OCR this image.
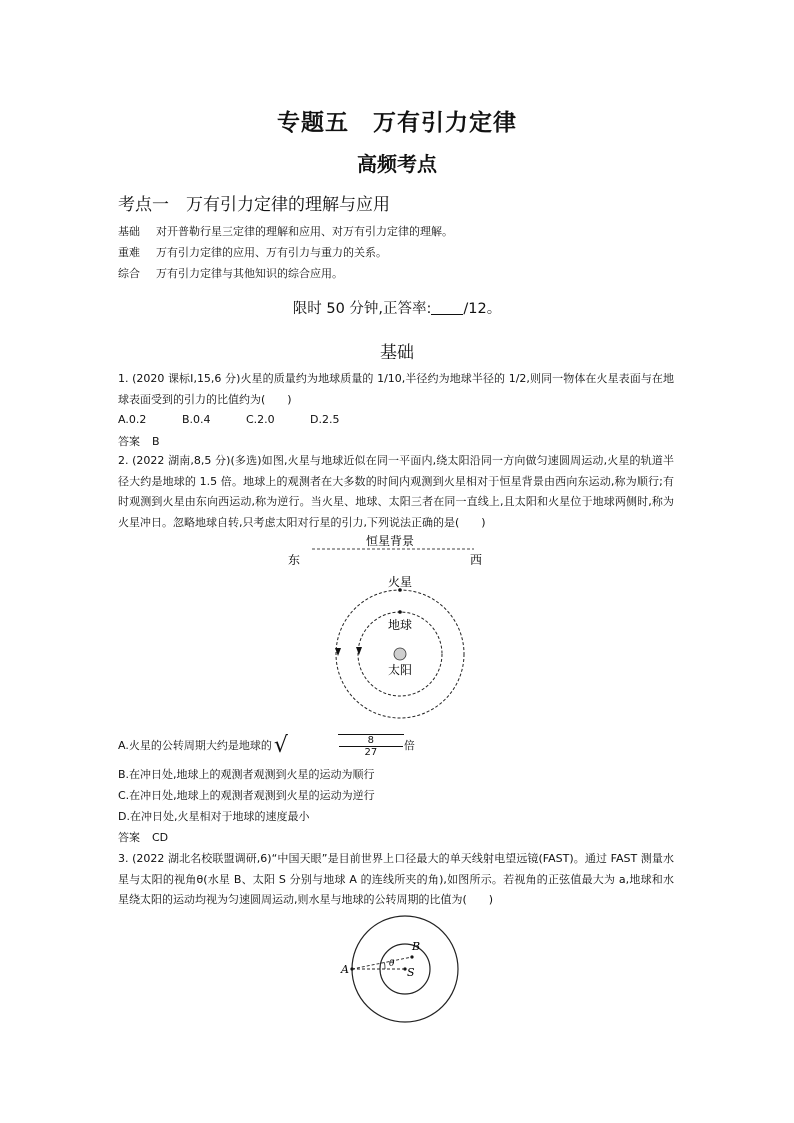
专题五　万有引力定律
高频考点
考点一　万有引力定律的理解与应用
基础 对开普勒行星三定律的理解和应用、对万有引力定律的理解。
重难 万有引力定律的应用、万有引力与重力的关系。
综合 万有引力定律与其他知识的综合应用。
限时 50 分钟,正答率: /12。
基础
1. (2020 课标Ⅰ,15,6 分)火星的质量约为地球质量的 1/10,半径约为地球半径的 1/2,则同一物体在火星表面与在地球表面受到的引力的比值约为(　　)
A.0.2	B.0.4	C.2.0	D.2.5
答案 B
2. (2022 湖南,8,5 分)(多选)如图,火星与地球近似在同一平面内,绕太阳沿同一方向做匀速圆周运动,火星的轨道半径大约是地球的 1.5 倍。地球上的观测者在大多数的时间内观测到火星相对于恒星背景由西向东运动,称为顺行;有时观测到火星由东向西运动,称为逆行。当火星、地球、太阳三者在同一直线上,且太阳和火星位于地球两侧时,称为火星冲日。忽略地球自转,只考虑太阳对行星的引力,下列说法正确的是(　　)
恒星背景
东	西
火星
地球
太阳
A.火星的公转周期大约是地球的√	$\frac{8}{27}$ 倍
B.在冲日处,地球上的观测者观测到火星的运动为顺行
C.在冲日处,地球上的观测者观测到火星的运动为逆行
D.在冲日处,火星相对于地球的速度最小
答案 CD
3. (2022 湖北名校联盟调研,6)“中国天眼”是目前世界上口径最大的单天线射电望远镜(FAST)。通过 FAST 测量水星与太阳的视角θ(水星 B、太阳 S 分别与地球 A 的连线所夹的角),如图所示。若视角的正弦值最大为 a,地球和水星绕太阳的运动均视为匀速圆周运动,则水星与地球的公转周期的比值为(　　)
A
B
S
θ
